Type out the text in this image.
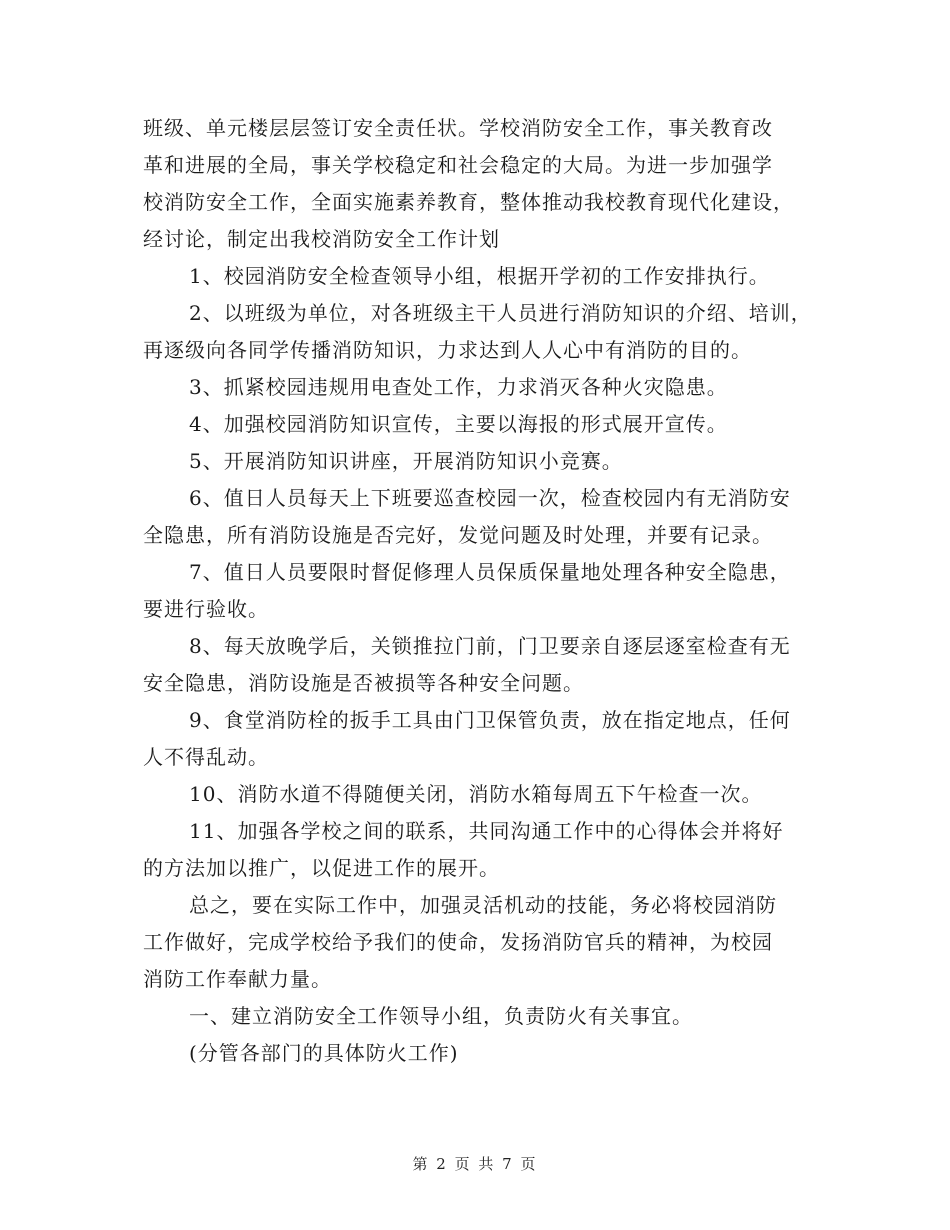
班级、单元楼层层签订安全责任状。学校消防安全工作，事关教育改
革和进展的全局，事关学校稳定和社会稳定的大局。为进一步加强学
校消防安全工作，全面实施素养教育，整体推动我校教育现代化建设，
经讨论，制定出我校消防安全工作计划
1、校园消防安全检查领导小组，根据开学初的工作安排执行。
2、以班级为单位，对各班级主干人员进行消防知识的介绍、培训，
再逐级向各同学传播消防知识，力求达到人人心中有消防的目的。
3、抓紧校园违规用电查处工作，力求消灭各种火灾隐患。
4、加强校园消防知识宣传，主要以海报的形式展开宣传。
5、开展消防知识讲座，开展消防知识小竞赛。
6、值日人员每天上下班要巡查校园一次，检查校园内有无消防安
全隐患，所有消防设施是否完好，发觉问题及时处理，并要有记录。
7、值日人员要限时督促修理人员保质保量地处理各种安全隐患，
要进行验收。
8、每天放晚学后，关锁推拉门前，门卫要亲自逐层逐室检查有无
安全隐患，消防设施是否被损等各种安全问题。
9、食堂消防栓的扳手工具由门卫保管负责，放在指定地点，任何
人不得乱动。
10、消防水道不得随便关闭，消防水箱每周五下午检查一次。
11、加强各学校之间的联系，共同沟通工作中的心得体会并将好
的方法加以推广，以促进工作的展开。
总之，要在实际工作中，加强灵活机动的技能，务必将校园消防
工作做好，完成学校给予我们的使命，发扬消防官兵的精神，为校园
消防工作奉献力量。
一、建立消防安全工作领导小组，负责防火有关事宜。
(分管各部门的具体防火工作)
第 2 页 共 7 页
